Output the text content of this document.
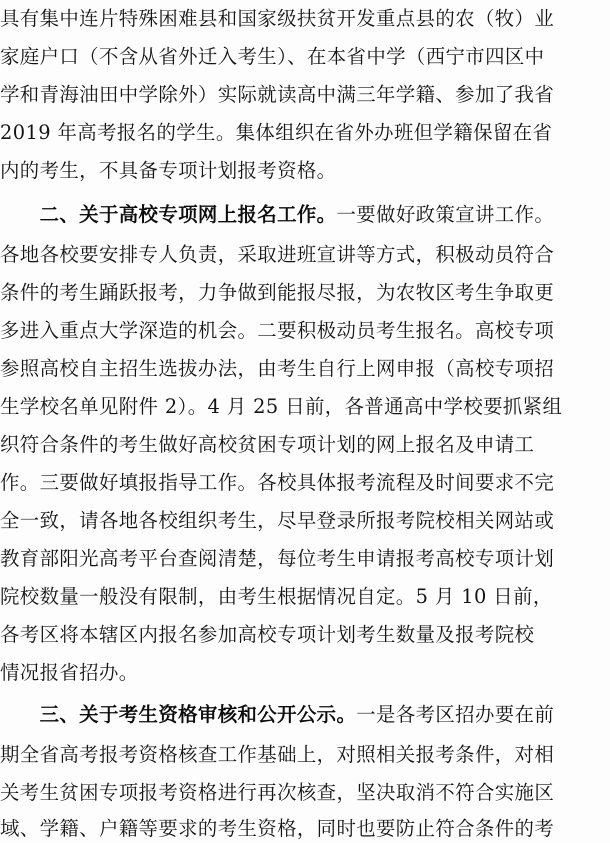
具有集中连片特殊困难县和国家级扶贫开发重点县的农（牧）业
家庭户口（不含从省外迁入考生）、在本省中学（西宁市四区中
学和青海油田中学除外）实际就读高中满三年学籍、参加了我省
2019 年高考报名的学生。集体组织在省外办班但学籍保留在省
内的考生，不具备专项计划报考资格。
　　二、关于高校专项网上报名工作。一要做好政策宣讲工作。
各地各校要安排专人负责，采取进班宣讲等方式，积极动员符合
条件的考生踊跃报考，力争做到能报尽报，为农牧区考生争取更
多进入重点大学深造的机会。二要积极动员考生报名。高校专项
参照高校自主招生选拔办法，由考生自行上网申报（高校专项招
生学校名单见附件 2）。4 月 25 日前，各普通高中学校要抓紧组
织符合条件的考生做好高校贫困专项计划的网上报名及申请工
作。三要做好填报指导工作。各校具体报考流程及时间要求不完
全一致，请各地各校组织考生，尽早登录所报考院校相关网站或
教育部阳光高考平台查阅清楚，每位考生申请报考高校专项计划
院校数量一般没有限制，由考生根据情况自定。5 月 10 日前，
各考区将本辖区内报名参加高校专项计划考生数量及报考院校
情况报省招办。
　　三、关于考生资格审核和公开公示。一是各考区招办要在前
期全省高考报考资格核查工作基础上，对照相关报考条件，对相
关考生贫困专项报考资格进行再次核查，坚决取消不符合实施区
域、学籍、户籍等要求的考生资格，同时也要防止符合条件的考
